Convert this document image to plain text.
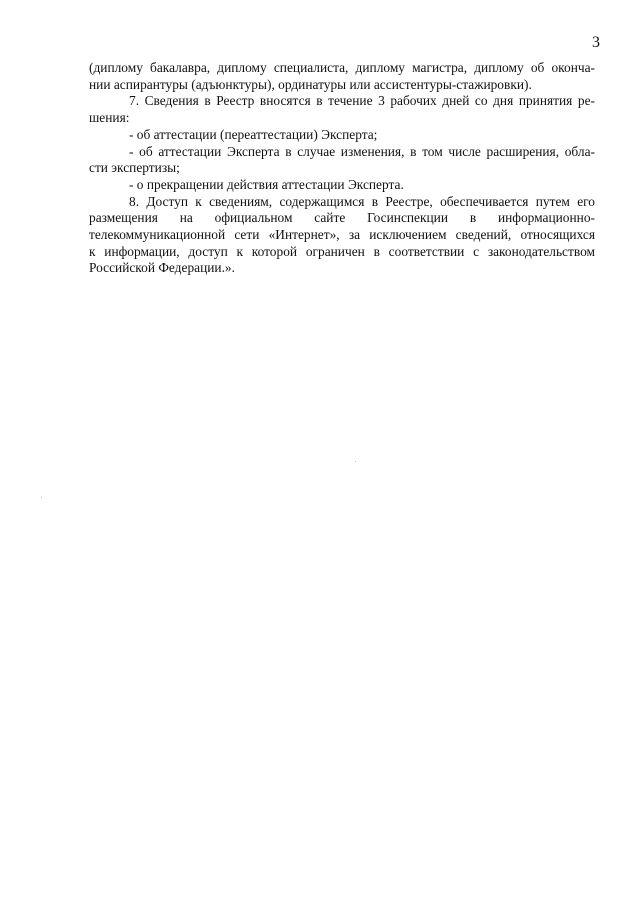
3
(диплому бакалавра, диплому специалиста, диплому магистра, диплому об оконча-
нии аспирантуры (адъюнктуры), ординатуры или ассистентуры-стажировки).
7. Сведения в Реестр вносятся в течение 3 рабочих дней со дня принятия ре-
шения:
- об аттестации (переаттестации) Эксперта;
- об аттестации Эксперта в случае изменения, в том числе расширения, обла-
сти экспертизы;
- о прекращении действия аттестации Эксперта.
8. Доступ к сведениям, содержащимся в Реестре, обеспечивается путем его
размещения на официальном сайте Госинспекции в информационно-
телекоммуникационной сети «Интернет», за исключением сведений, относящихся
к информации, доступ к которой ограничен в соответствии с законодательством
Российской Федерации.».
